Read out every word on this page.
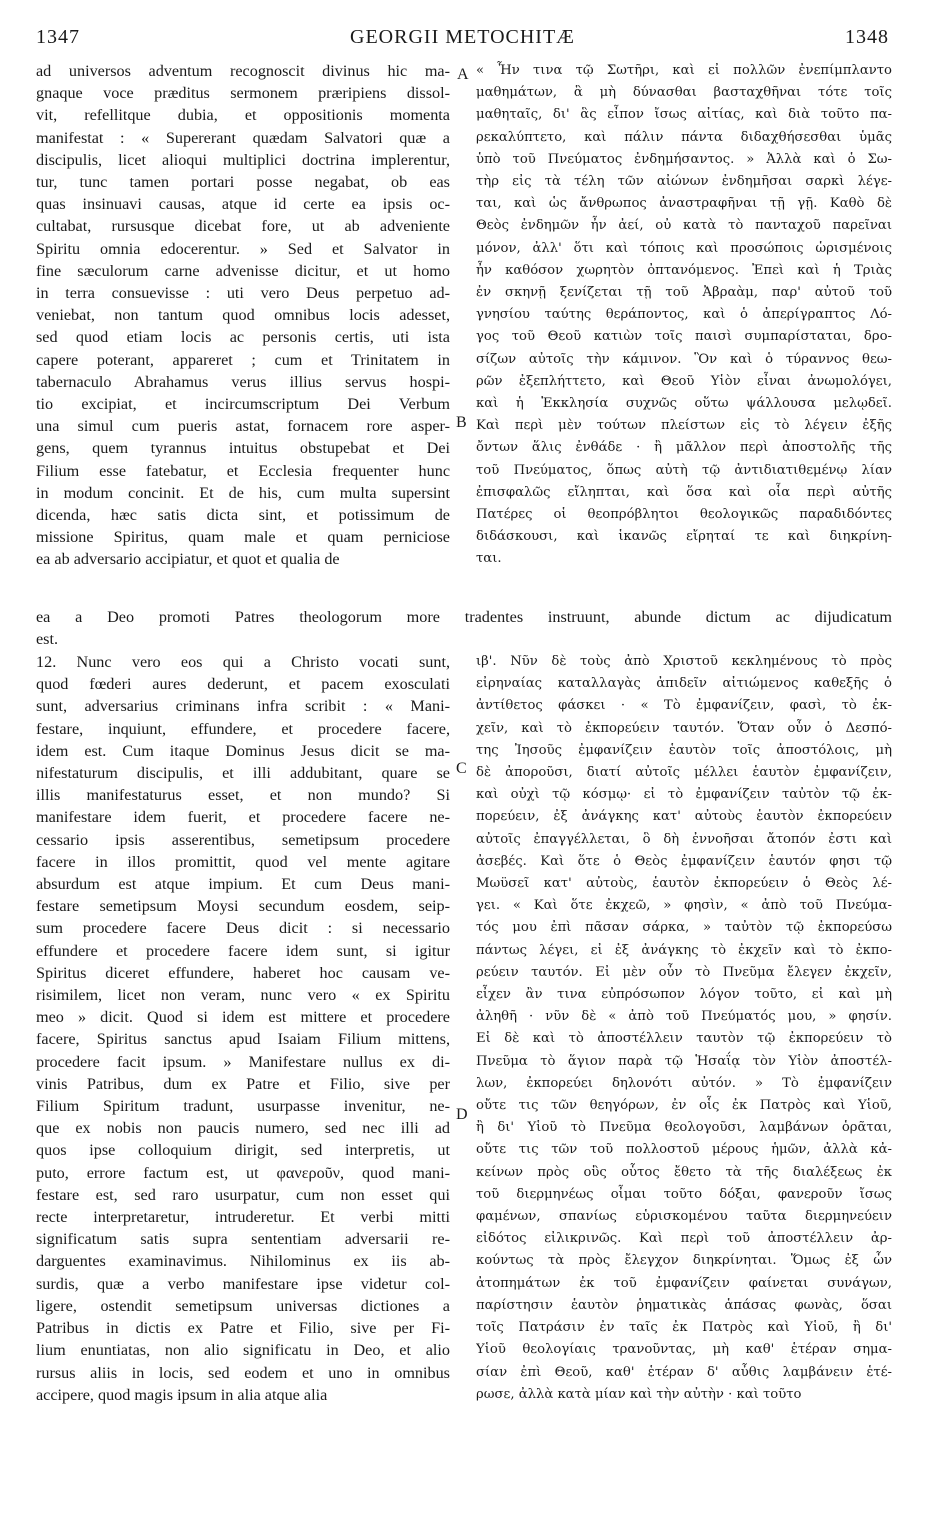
1347	GEORGII METOCHITÆ	1348

ad universos adventum recognoscit divinus hic ma-

gnaque voce præditus sermonem præripiens dissol-

vit, refellitque dubia, et oppositionis momenta

manifestat : « Supererant quædam Salvatori quæ a

discipulis, licet alioqui multiplici doctrina implerentur,

tur, tunc tamen portari posse negabat, ob eas

quas insinuavi causas, atque id certe ea ipsis oc-

cultabat, rursusque dicebat fore, ut ab adveniente

Spiritu omnia edocerentur. » Sed et Salvator in

fine sæculorum carne advenisse dicitur, et ut homo

in terra consuevisse : uti vero Deus perpetuo ad-

veniebat, non tantum quod omnibus locis adesset,

sed quod etiam locis ac personis certis, uti ista

capere poterant, appareret ; cum et Trinitatem in

tabernaculo Abrahamus verus illius servus hospi-

tio excipiat, et incircumscriptum Dei Verbum

una simul cum pueris astat, fornacem rore asper-

gens, quem tyrannus intuitus obstupebat et Dei

Filium esse fatebatur, et Ecclesia frequenter hunc

in modum concinit. Et de his, cum multa supersint

dicenda, hæc satis dicta sint, et potissimum de

missione Spiritus, quam male et quam perniciose

ea ab adversario accipiatur, et quot et qualia de

« Ἦν τινα τῷ Σωτῆρι, καὶ εἰ πολλῶν ἐνεπίμπλαντο

μαθημάτων, ἃ μὴ δύνασθαι βασταχθῆναι τότε τοῖς

μαθηταῖς, δι' ἃς εἶπον ἴσως αἰτίας, καὶ διὰ τοῦτο πα-

ρεκαλύπτετο, καὶ πάλιν πάντα διδαχθήσεσθαι ὑμᾶς

ὑπὸ τοῦ Πνεύματος ἐνδημήσαντος. » Ἀλλὰ καὶ ὁ Σω-

τὴρ εἰς τὰ τέλη τῶν αἰώνων ἐνδημῆσαι σαρκὶ λέγε-

ται, καὶ ὡς ἄνθρωπος ἀναστραφῆναι τῇ γῇ. Καθὸ δὲ

Θεὸς ἐνδημῶν ἦν ἀεί, οὐ κατὰ τὸ πανταχοῦ παρεῖναι

μόνον, ἀλλ' ὅτι καὶ τόποις καὶ προσώποις ὡρισμένοις

ἦν καθόσον χωρητὸν ὀπτανόμενος. Ἐπεὶ καὶ ἡ Τριὰς

ἐν σκηνῇ ξενίζεται τῇ τοῦ Ἀβραὰμ, παρ' αὐτοῦ τοῦ

γνησίου ταύτης θεράποντος, καὶ ὁ ἀπερίγραπτος Λό-

γος τοῦ Θεοῦ κατιὼν τοῖς παισὶ συμπαρίσταται, δρο-

σίζων αὐτοῖς τὴν κάμινον. Ὃν καὶ ὁ τύραννος θεω-

ρῶν ἐξεπλήττετο, καὶ Θεοῦ Υἱὸν εἶναι ἀνωμολόγει,

καὶ ἡ Ἐκκλησία συχνῶς οὕτω ψάλλουσα μελῳδεῖ.

Καὶ περὶ μὲν τούτων πλείστων εἰς τὸ λέγειν ἐξῆς

ὄντων ἅλις ἐνθάδε · ἢ μᾶλλον περὶ ἀποστολῆς τῆς

τοῦ Πνεύματος, ὅπως αὐτὴ τῷ ἀντιδιατιθεμένῳ λίαν

ἐπισφαλῶς εἴληπται, καὶ ὅσα καὶ οἷα περὶ αὐτῆς

Πατέρες οἱ θεοπρόβλητοι θεολογικῶς παραδιδόντες

διδάσκουσι, καὶ ἱκανῶς εἴρηταί τε καὶ διηκρίνη-

ται.

A
B
C
D

ea a Deo promoti Patres theologorum more tradentes instruunt, abunde dictum ac dijudicatum

est.

12. Nunc vero eos qui a Christo vocati sunt,

quod fœderi aures dederunt, et pacem exosculati

sunt, adversarius criminans infra scribit : « Mani-

festare, inquiunt, effundere, et procedere facere,

idem est. Cum itaque Dominus Jesus dicit se ma-

nifestaturum discipulis, et illi addubitant, quare se

illis manifestaturus esset, et non mundo? Si

manifestare idem fuerit, et procedere facere ne-

cessario ipsis asserentibus, semetipsum procedere

facere in illos promittit, quod vel mente agitare

absurdum est atque impium. Et cum Deus mani-

festare semetipsum Moysi secundum eosdem, seip-

sum procedere facere Deus dicit : si necessario

effundere et procedere facere idem sunt, si igitur

Spiritus diceret effundere, haberet hoc causam ve-

risimilem, licet non veram, nunc vero « ex Spiritu

meo » dicit. Quod si idem est mittere et procedere

facere, Spiritus sanctus apud Isaiam Filium mittens,

procedere facit ipsum. » Manifestare nullus ex di-

vinis Patribus, dum ex Patre et Filio, sive per

Filium Spiritum tradunt, usurpasse invenitur, ne-

que ex nobis non paucis numero, sed nec illi ad

quos ipse colloquium dirigit, sed interpretis, ut

puto, errore factum est, ut φανεροῦν, quod mani-

festare est, sed raro usurpatur, cum non esset qui

recte interpretaretur, intruderetur. Et verbi mitti

significatum satis supra sententiam adversarii re-

darguentes examinavimus. Nihilominus ex iis ab-

surdis, quæ a verbo manifestare ipse videtur col-

ligere, ostendit semetipsum universas dictiones a

Patribus in dictis ex Patre et Filio, sive per Fi-

lium enuntiatas, non alio significatu in Deo, et alio

rursus aliis in locis, sed eodem et uno in omnibus

accipere, quod magis ipsum in alia atque alia

ιβ'. Νῦν δὲ τοὺς ἀπὸ Χριστοῦ κεκλημένους τὸ πρὸς

εἰρηναίας καταλλαγὰς ἀπιδεῖν αἰτιώμενος καθεξῆς ὁ

ἀντίθετος φάσκει · « Τὸ ἐμφανίζειν, φασὶ, τὸ ἐκ-

χεῖν, καὶ τὸ ἐκπορεύειν ταυτόν. Ὅταν οὖν ὁ Δεσπό-

της Ἰησοῦς ἐμφανίζειν ἑαυτὸν τοῖς ἀποστόλοις, μὴ

δὲ ἀποροῦσι, διατί αὐτοῖς μέλλει ἑαυτὸν ἐμφανίζειν,

καὶ οὐχὶ τῷ κόσμῳ· εἰ τὸ ἐμφανίζειν ταὐτὸν τῷ ἐκ-

πορεύειν, ἐξ ἀνάγκης κατ' αὐτοὺς ἑαυτὸν ἐκπορεύειν

αὐτοῖς ἐπαγγέλλεται, ὃ δὴ ἐννοῆσαι ἄτοπόν ἐστι καὶ

ἀσεβές. Καὶ ὅτε ὁ Θεὸς ἐμφανίζειν ἑαυτόν φησι τῷ

Μωϋσεῖ κατ' αὐτοὺς, ἑαυτὸν ἐκπορεύειν ὁ Θεὸς λέ-

γει. « Καὶ ὅτε ἐκχεῶ, » φησὶν, « ἀπὸ τοῦ Πνεύμα-

τός μου ἐπὶ πᾶσαν σάρκα, » ταὐτὸν τῷ ἐκπορεύσω

πάντως λέγει, εἰ ἐξ ἀνάγκης τὸ ἐκχεῖν καὶ τὸ ἐκπο-

ρεύειν ταυτόν. Εἰ μὲν οὖν τὸ Πνεῦμα ἔλεγεν ἐκχεῖν,

εἶχεν ἂν τινα εὐπρόσωπον λόγον τοῦτο, εἰ καὶ μὴ

ἀληθῆ · νῦν δὲ « ἀπὸ τοῦ Πνεύματός μου, » φησίν.

Εἰ δὲ καὶ τὸ ἀποστέλλειν ταυτὸν τῷ ἐκπορεύειν τὸ

Πνεῦμα τὸ ἅγιον παρὰ τῷ Ἡσαΐᾳ τὸν Υἱὸν ἀποστέλ-

λων, ἐκπορεύει δηλονότι αὐτόν. » Τὸ ἐμφανίζειν

οὔτε τις τῶν θεηγόρων, ἐν οἷς ἐκ Πατρὸς καὶ Υἱοῦ,

ἢ δι' Υἱοῦ τὸ Πνεῦμα θεολογοῦσι, λαμβάνων ὁρᾶται,

οὔτε τις τῶν τοῦ πολλοστοῦ μέρους ἡμῶν, ἀλλὰ κἀ-

κείνων πρὸς οὓς οὗτος ἔθετο τὰ τῆς διαλέξεως ἐκ

τοῦ διερμηνέως οἶμαι τοῦτο δόξαι, φανεροῦν ἴσως

φαμένων, σπανίως εὑρισκομένου ταῦτα διερμηνεύειν

εἰδότος εἰλικρινῶς. Καὶ περὶ τοῦ ἀποστέλλειν ἀρ-

κούντως τὰ πρὸς ἔλεγχον διηκρίνηται. Ὅμως ἐξ ὧν

ἀτοπημάτων ἐκ τοῦ ἐμφανίζειν φαίνεται συνάγων,

παρίστησιν ἑαυτὸν ῥηματικὰς ἁπάσας φωνὰς, ὅσαι

τοῖς Πατράσιν ἐν ταῖς ἐκ Πατρὸς καὶ Υἱοῦ, ἢ δι'

Υἱοῦ θεολογίαις τρανοῦντας, μὴ καθ' ἑτέραν σημα-

σίαν ἐπὶ Θεοῦ, καθ' ἑτέραν δ' αὖθις λαμβάνειν ἑτέ-

ρωσε, ἀλλὰ κατὰ μίαν καὶ τὴν αὐτὴν · καὶ τοῦτο
